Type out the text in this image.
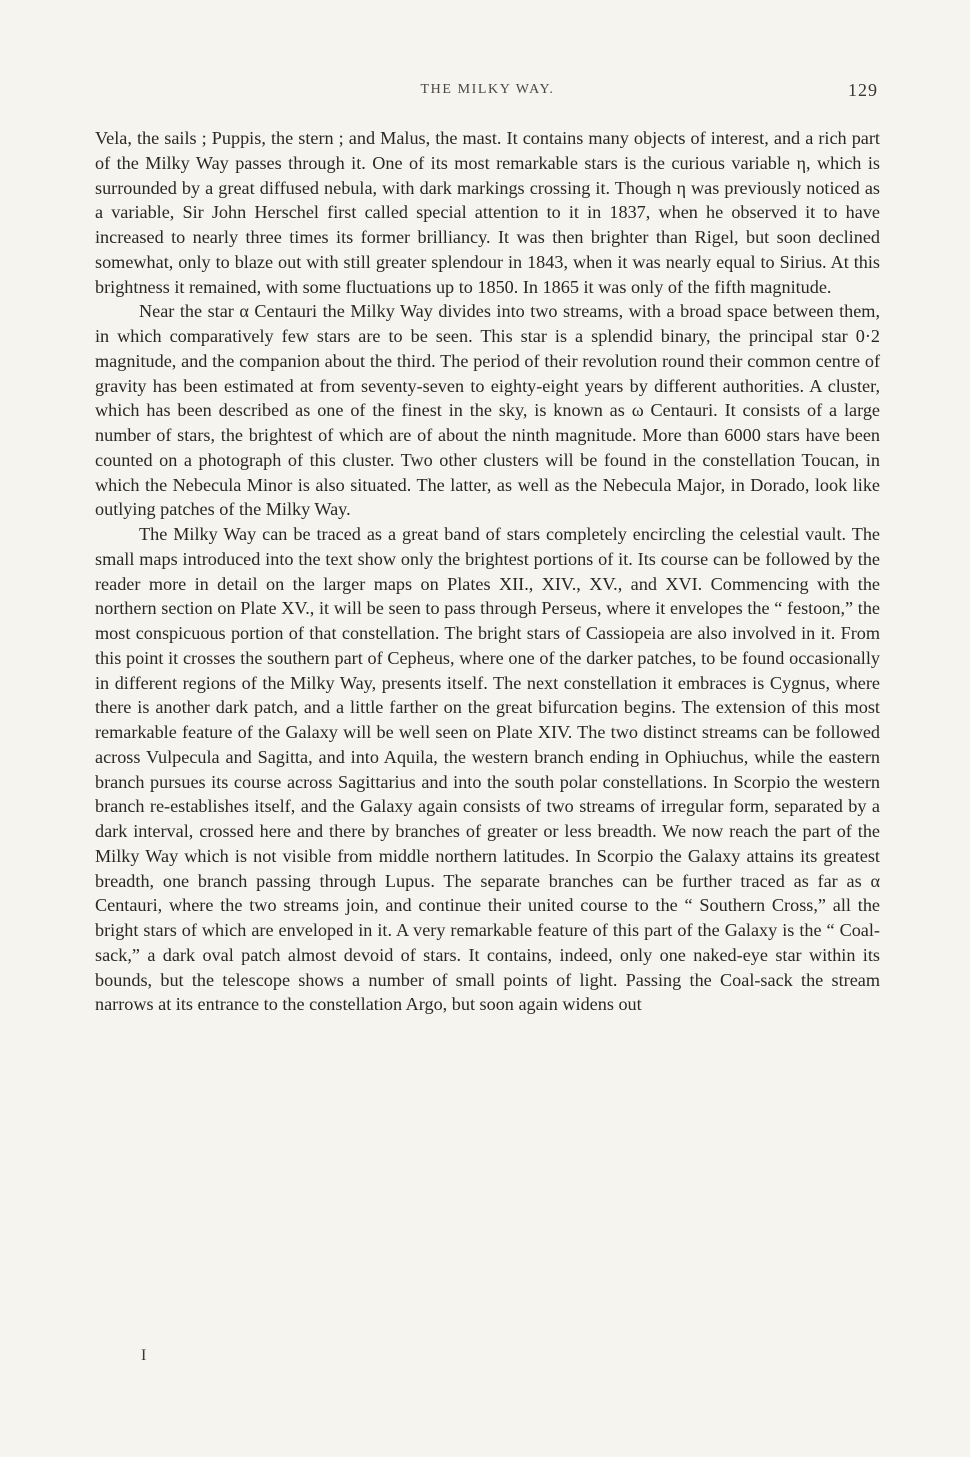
THE MILKY WAY.	129

Vela, the sails ; Puppis, the stern ; and Malus, the mast. It contains many objects of interest, and a rich part of the Milky Way passes through it. One of its most remarkable stars is the curious variable η, which is surrounded by a great diffused nebula, with dark markings crossing it. Though η was previously noticed as a variable, Sir John Herschel first called special attention to it in 1837, when he observed it to have increased to nearly three times its former brilliancy. It was then brighter than Rigel, but soon declined somewhat, only to blaze out with still greater splendour in 1843, when it was nearly equal to Sirius. At this brightness it remained, with some fluctuations up to 1850. In 1865 it was only of the fifth magnitude.

Near the star α Centauri the Milky Way divides into two streams, with a broad space between them, in which comparatively few stars are to be seen. This star is a splendid binary, the principal star 0·2 magnitude, and the companion about the third. The period of their revolution round their common centre of gravity has been estimated at from seventy-seven to eighty-eight years by different authorities. A cluster, which has been described as one of the finest in the sky, is known as ω Centauri. It consists of a large number of stars, the brightest of which are of about the ninth magnitude. More than 6000 stars have been counted on a photograph of this cluster. Two other clusters will be found in the constellation Toucan, in which the Nebecula Minor is also situated. The latter, as well as the Nebecula Major, in Dorado, look like outlying patches of the Milky Way.

The Milky Way can be traced as a great band of stars completely encircling the celestial vault. The small maps introduced into the text show only the brightest portions of it. Its course can be followed by the reader more in detail on the larger maps on Plates XII., XIV., XV., and XVI. Commencing with the northern section on Plate XV., it will be seen to pass through Perseus, where it envelopes the “ festoon,” the most conspicuous portion of that constellation. The bright stars of Cassiopeia are also involved in it. From this point it crosses the southern part of Cepheus, where one of the darker patches, to be found occasionally in different regions of the Milky Way, presents itself. The next constellation it embraces is Cygnus, where there is another dark patch, and a little farther on the great bifurcation begins. The extension of this most remarkable feature of the Galaxy will be well seen on Plate XIV. The two distinct streams can be followed across Vulpecula and Sagitta, and into Aquila, the western branch ending in Ophiuchus, while the eastern branch pursues its course across Sagittarius and into the south polar constellations. In Scorpio the western branch re-establishes itself, and the Galaxy again consists of two streams of irregular form, separated by a dark interval, crossed here and there by branches of greater or less breadth. We now reach the part of the Milky Way which is not visible from middle northern latitudes. In Scorpio the Galaxy attains its greatest breadth, one branch passing through Lupus. The separate branches can be further traced as far as α Centauri, where the two streams join, and continue their united course to the “ Southern Cross,” all the bright stars of which are enveloped in it. A very remarkable feature of this part of the Galaxy is the “ Coal-sack,” a dark oval patch almost devoid of stars. It contains, indeed, only one naked-eye star within its bounds, but the telescope shows a number of small points of light. Passing the Coal-sack the stream narrows at its entrance to the constellation Argo, but soon again widens out

I
